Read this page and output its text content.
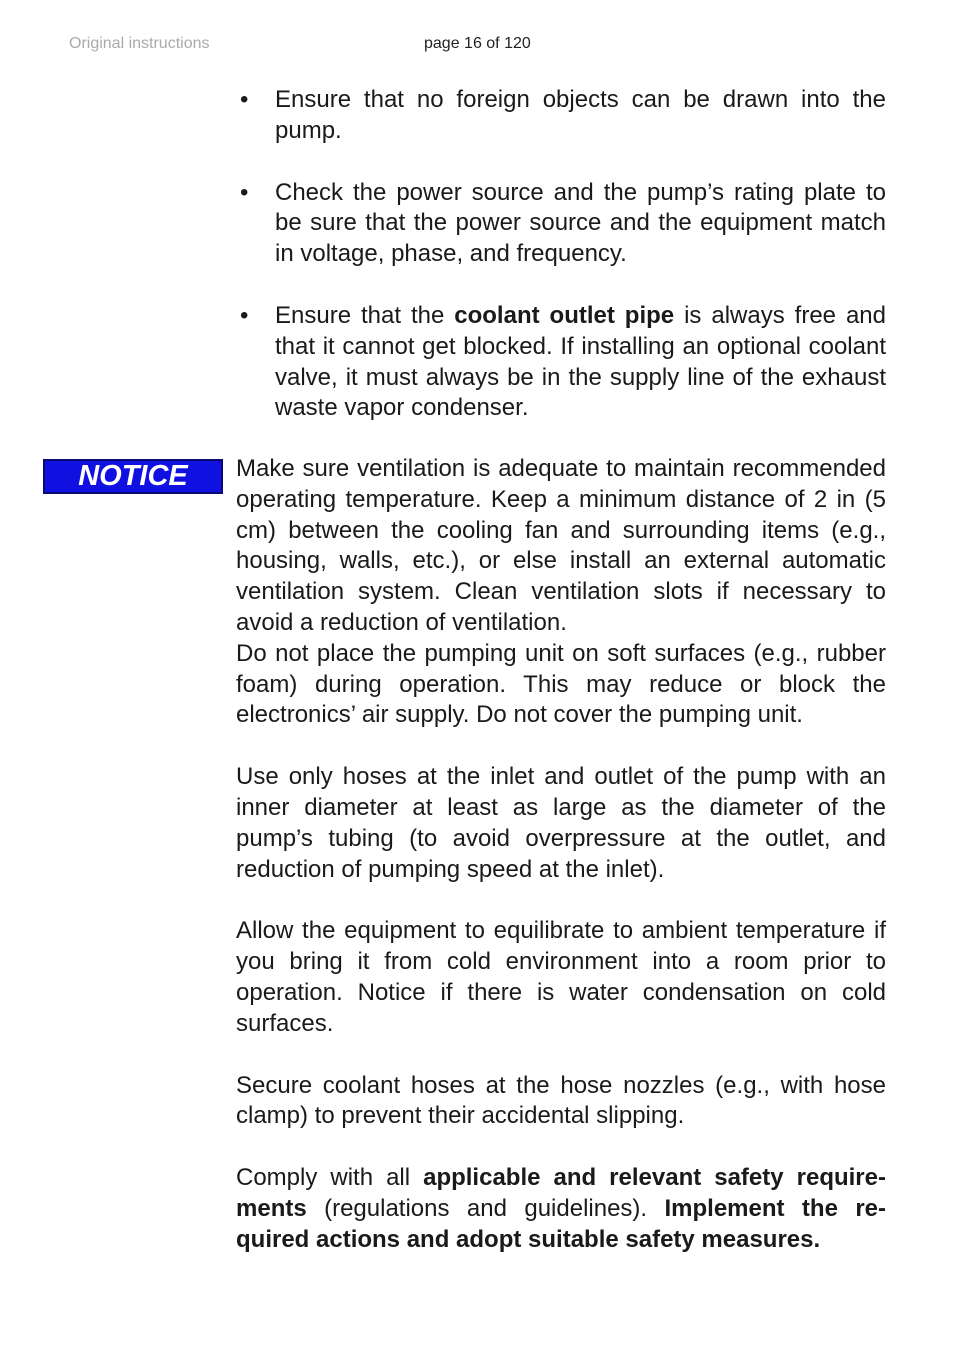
Original instructions	page 16 of 120
•	Ensure that no foreign objects can be drawn into the pump.
•	Check the power source and the pump’s rating plate to be sure that the power source and the equipment match in voltage, phase, and frequency.
•	Ensure that the coolant outlet pipe is always free and that it cannot get blocked. If installing an optional coolant valve, it must always be in the supply line of the exhaust waste vapor condenser.
NOTICE	Make sure ventilation is adequate to maintain recommended operating temperature. Keep a minimum distance of 2 in (5 cm) between the cooling fan and surrounding items (e.g., housing, walls, etc.), or else install an external automatic ventilation system. Clean ventilation slots if necessary to avoid a reduction of ventilation.

Do not place the pumping unit on soft surfaces (e.g., rubber foam) during operation. This may reduce or block the electronics’ air supply. Do not cover the pumping unit.

Use only hoses at the inlet and outlet of the pump with an inner diameter at least as large as the diameter of the pump’s tubing (to avoid overpressure at the outlet, and reduction of pumping speed at the inlet).

Allow the equipment to equilibrate to ambient temperature if you bring it from cold environment into a room prior to operation. Notice if there is water condensation on cold surfaces.

Secure coolant hoses at the hose nozzles (e.g., with hose clamp) to prevent their accidental slipping.

Comply with all applicable and relevant safety requirements (regulations and guidelines). Implement the required actions and adopt suitable safety measures.
